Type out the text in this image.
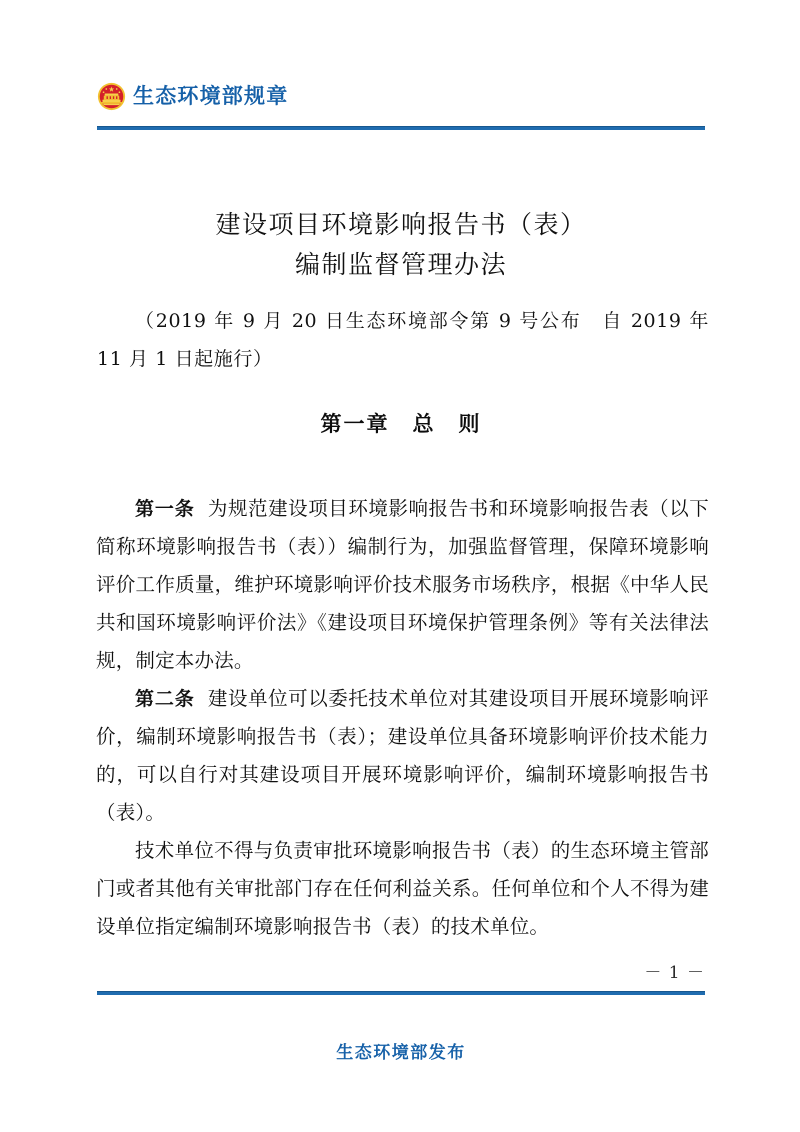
生态环境部规章
建设项目环境影响报告书（表）
编制监督管理办法
（2019 年 9 月 20 日生态环境部令第 9 号公布　自 2019 年 11 月 1 日起施行）
第一章　总　则

第一条 为规范建设项目环境影响报告书和环境影响报告表（以下简称环境影响报告书（表））编制行为，加强监督管理，保障环境影响评价工作质量，维护环境影响评价技术服务市场秩序，根据《中华人民共和国环境影响评价法》《建设项目环境保护管理条例》等有关法律法规，制定本办法。

第二条 建设单位可以委托技术单位对其建设项目开展环境影响评价，编制环境影响报告书（表）；建设单位具备环境影响评价技术能力的，可以自行对其建设项目开展环境影响评价，编制环境影响报告书（表）。

技术单位不得与负责审批环境影响报告书（表）的生态环境主管部门或者其他有关审批部门存在任何利益关系。任何单位和个人不得为建设单位指定编制环境影响报告书（表）的技术单位。

－ 1 －
生态环境部发布
